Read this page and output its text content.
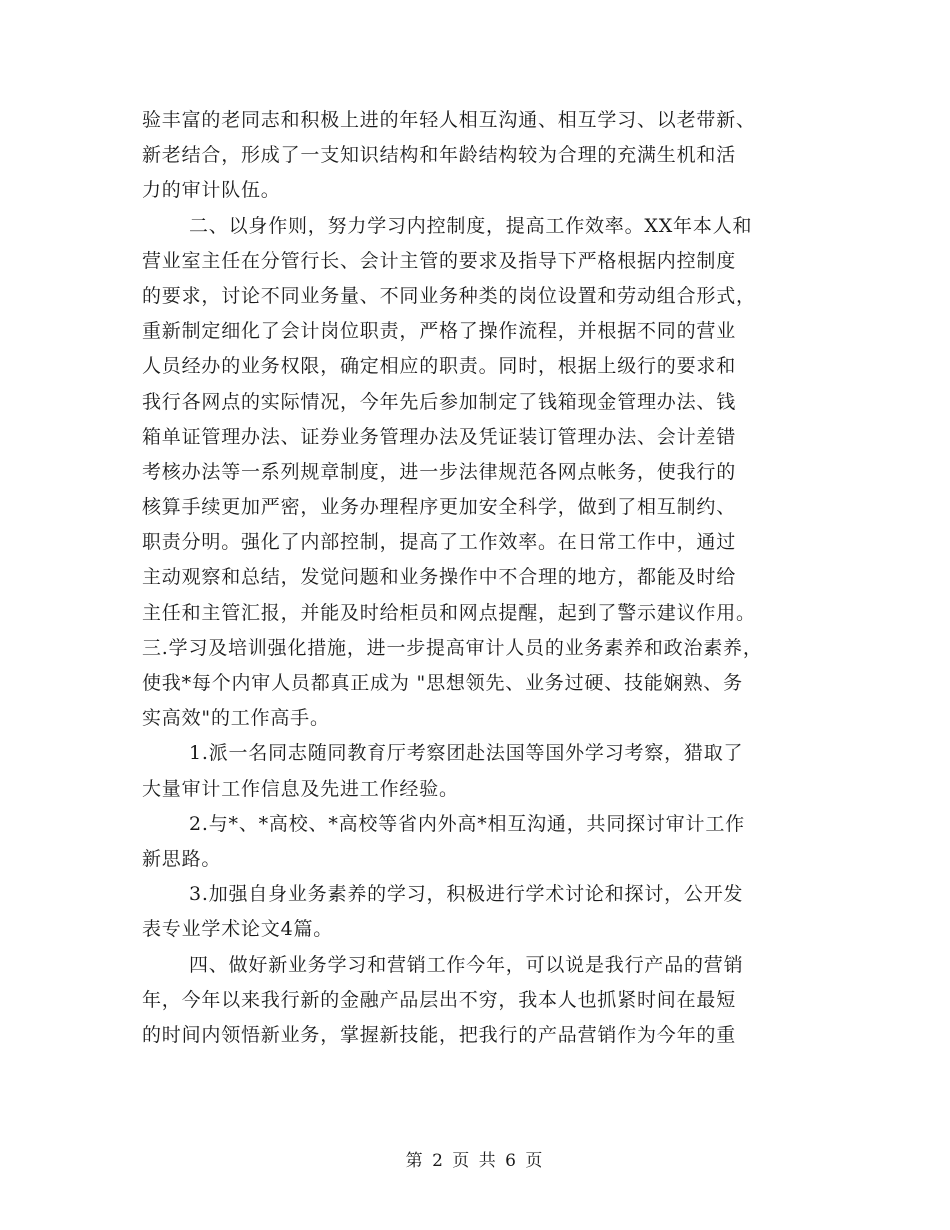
验丰富的老同志和积极上进的年轻人相互沟通、相互学习、以老带新、
新老结合，形成了一支知识结构和年龄结构较为合理的充满生机和活
力的审计队伍。
二、以身作则，努力学习内控制度，提高工作效率。XX年本人和
营业室主任在分管行长、会计主管的要求及指导下严格根据内控制度
的要求，讨论不同业务量、不同业务种类的岗位设置和劳动组合形式，
重新制定细化了会计岗位职责，严格了操作流程，并根据不同的营业
人员经办的业务权限，确定相应的职责。同时，根据上级行的要求和
我行各网点的实际情况，今年先后参加制定了钱箱现金管理办法、钱
箱单证管理办法、证券业务管理办法及凭证装订管理办法、会计差错
考核办法等一系列规章制度，进一步法律规范各网点帐务，使我行的
核算手续更加严密，业务办理程序更加安全科学，做到了相互制约、
职责分明。强化了内部控制，提高了工作效率。在日常工作中，通过
主动观察和总结，发觉问题和业务操作中不合理的地方，都能及时给
主任和主管汇报，并能及时给柜员和网点提醒，起到了警示建议作用。
三.学习及培训强化措施，进一步提高审计人员的业务素养和政治素养，
使我*每个内审人员都真正成为 "思想领先、业务过硬、技能娴熟、务
实高效"的工作高手。
1.派一名同志随同教育厅考察团赴法国等国外学习考察，猎取了
大量审计工作信息及先进工作经验。
2.与*、*高校、*高校等省内外高*相互沟通，共同探讨审计工作
新思路。
3.加强自身业务素养的学习，积极进行学术讨论和探讨，公开发
表专业学术论文4篇。
四、做好新业务学习和营销工作今年，可以说是我行产品的营销
年，今年以来我行新的金融产品层出不穷，我本人也抓紧时间在最短
的时间内领悟新业务，掌握新技能，把我行的产品营销作为今年的重
第 2 页 共 6 页
